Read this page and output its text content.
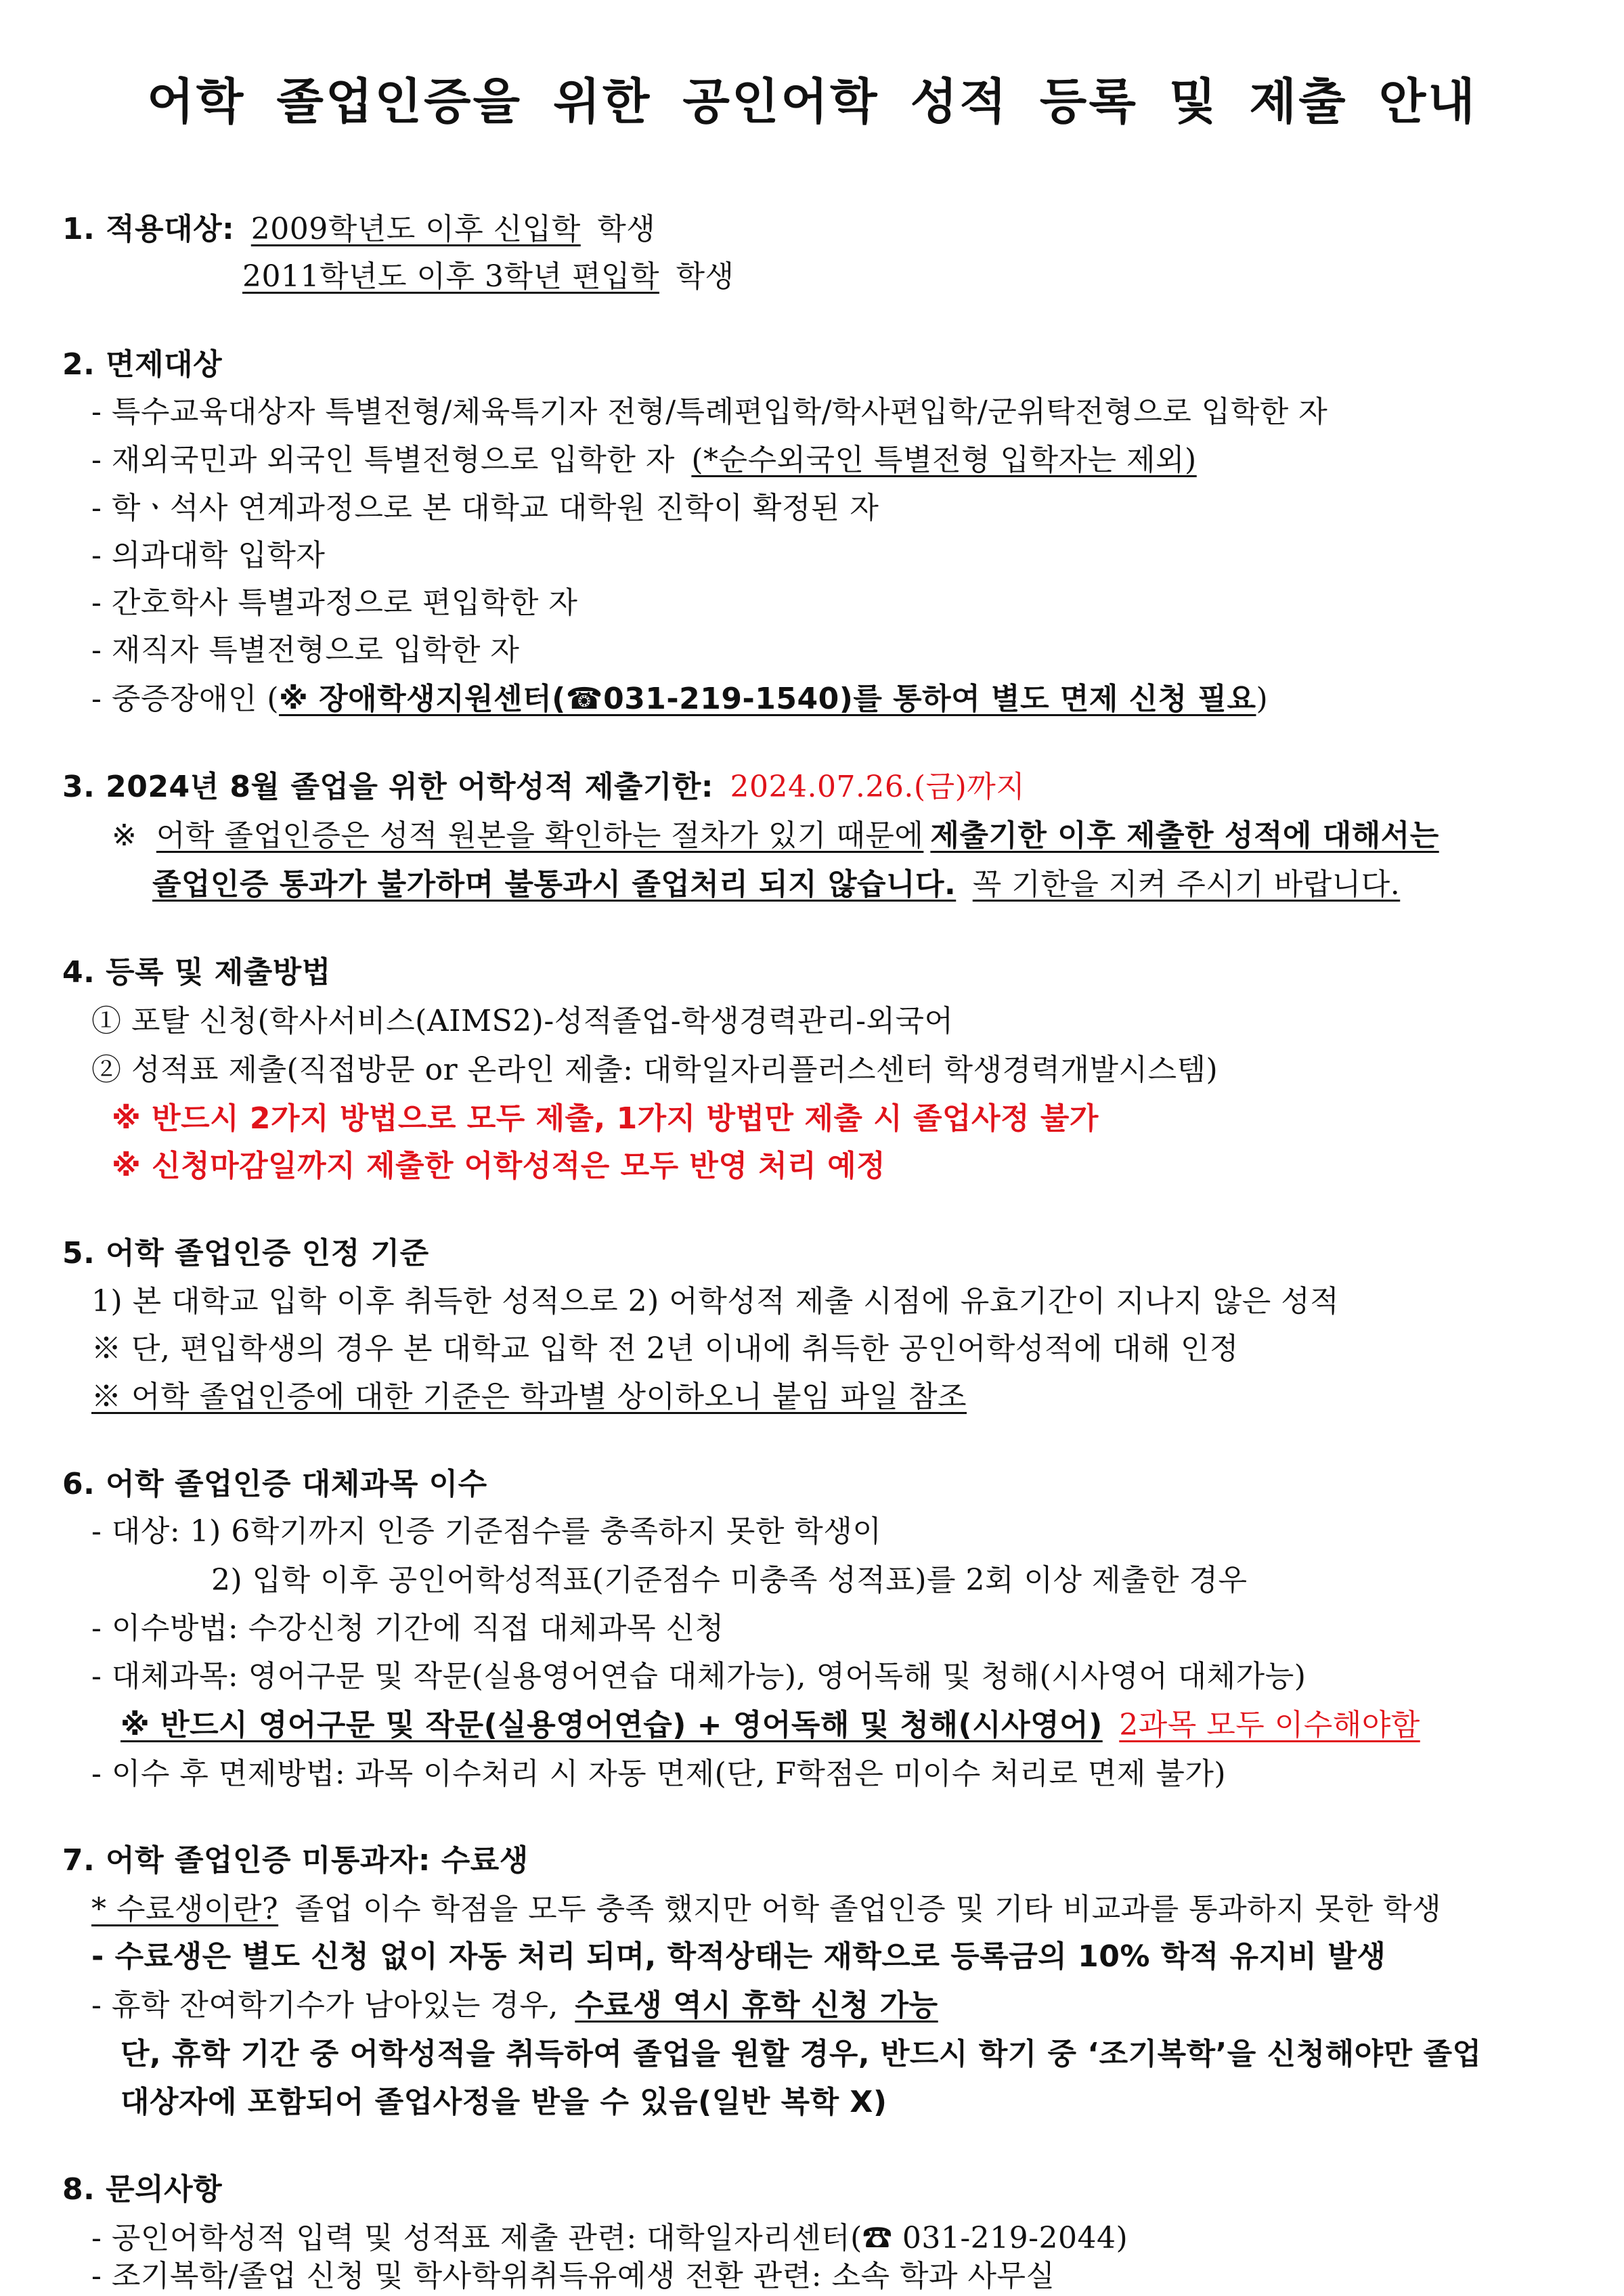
어학 졸업인증을 위한 공인어학 성적 등록 및 제출 안내
1. 적용대상: 2009학년도 이후 신입학 학생
2011학년도 이후 3학년 편입학 학생
2. 면제대상
- 특수교육대상자 특별전형/체육특기자 전형/특례편입학/학사편입학/군위탁전형으로 입학한 자
- 재외국민과 외국인 특별전형으로 입학한 자 (*순수외국인 특별전형 입학자는 제외)
- 학ㆍ석사 연계과정으로 본 대학교 대학원 진학이 확정된 자
- 의과대학 입학자
- 간호학사 특별과정으로 편입학한 자
- 재직자 특별전형으로 입학한 자
- 중증장애인 (※ 장애학생지원센터(☎031-219-1540)를 통하여 별도 면제 신청 필요)
3. 2024년 8월 졸업을 위한 어학성적 제출기한: 2024.07.26.(금)까지
※ 어학 졸업인증은 성적 원본을 확인하는 절차가 있기 때문에 제출기한 이후 제출한 성적에 대해서는
졸업인증 통과가 불가하며 불통과시 졸업처리 되지 않습니다. 꼭 기한을 지켜 주시기 바랍니다.
4. 등록 및 제출방법
① 포탈 신청(학사서비스(AIMS2)-성적졸업-학생경력관리-외국어
② 성적표 제출(직접방문 or 온라인 제출: 대학일자리플러스센터 학생경력개발시스템)
※ 반드시 2가지 방법으로 모두 제출, 1가지 방법만 제출 시 졸업사정 불가
※ 신청마감일까지 제출한 어학성적은 모두 반영 처리 예정
5. 어학 졸업인증 인정 기준
1) 본 대학교 입학 이후 취득한 성적으로 2) 어학성적 제출 시점에 유효기간이 지나지 않은 성적
※ 단, 편입학생의 경우 본 대학교 입학 전 2년 이내에 취득한 공인어학성적에 대해 인정
※ 어학 졸업인증에 대한 기준은 학과별 상이하오니 붙임 파일 참조
6. 어학 졸업인증 대체과목 이수
- 대상: 1) 6학기까지 인증 기준점수를 충족하지 못한 학생이
2) 입학 이후 공인어학성적표(기준점수 미충족 성적표)를 2회 이상 제출한 경우
- 이수방법: 수강신청 기간에 직접 대체과목 신청
- 대체과목: 영어구문 및 작문(실용영어연습 대체가능), 영어독해 및 청해(시사영어 대체가능)
※ 반드시 영어구문 및 작문(실용영어연습) + 영어독해 및 청해(시사영어) 2과목 모두 이수해야함
- 이수 후 면제방법: 과목 이수처리 시 자동 면제(단, F학점은 미이수 처리로 면제 불가)
7. 어학 졸업인증 미통과자: 수료생
* 수료생이란? 졸업 이수 학점을 모두 충족 했지만 어학 졸업인증 및 기타 비교과를 통과하지 못한 학생
- 수료생은 별도 신청 없이 자동 처리 되며, 학적상태는 재학으로 등록금의 10% 학적 유지비 발생
- 휴학 잔여학기수가 남아있는 경우, 수료생 역시 휴학 신청 가능
단, 휴학 기간 중 어학성적을 취득하여 졸업을 원할 경우, 반드시 학기 중 ‘조기복학’을 신청해야만 졸업
대상자에 포함되어 졸업사정을 받을 수 있음(일반 복학 X)
8. 문의사항
- 공인어학성적 입력 및 성적표 제출 관련: 대학일자리센터(☎ 031-219-2044)
- 조기복학/졸업 신청 및 학사학위취득유예생 전환 관련: 소속 학과 사무실
